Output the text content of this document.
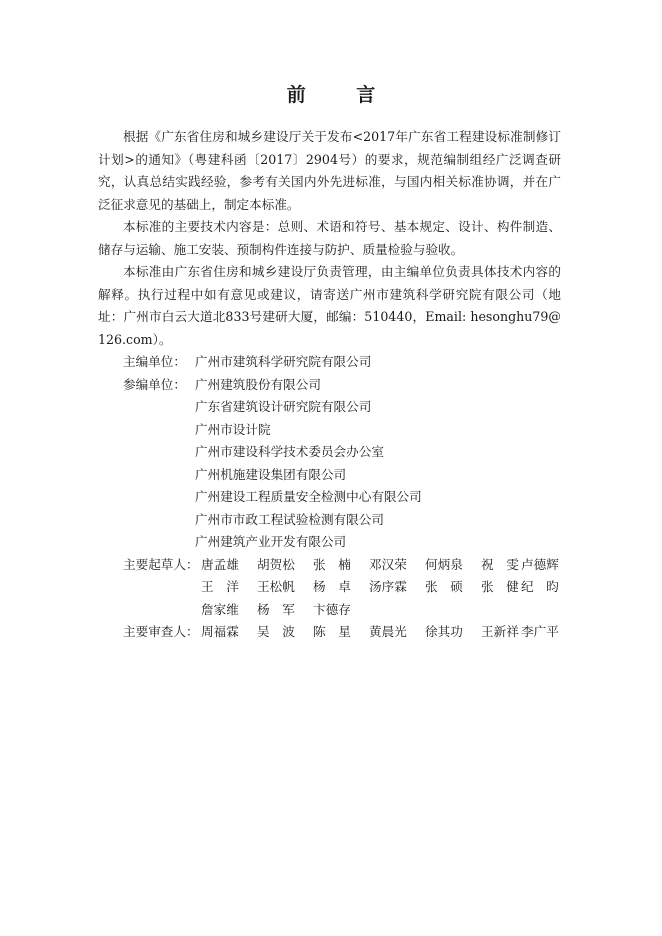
前 言

根据《广东省住房和城乡建设厅关于发布<2017年广东省工程建设标准制修订计划>的通知》（粤建科函〔2017〕2904号）的要求，规范编制组经广泛调查研究，认真总结实践经验，参考有关国内外先进标准，与国内相关标准协调，并在广泛征求意见的基础上，制定本标准。

本标准的主要技术内容是：总则、术语和符号、基本规定、设计、构件制造、储存与运输、施工安装、预制构件连接与防护、质量检验与验收。

本标准由广东省住房和城乡建设厅负责管理，由主编单位负责具体技术内容的解释。执行过程中如有意见或建议，请寄送广州市建筑科学研究院有限公司（地址：广州市白云大道北833号建研大厦，邮编：510440，Email: hesonghu79@126.com）。

主编单位： 广州市建筑科学研究院有限公司
参编单位： 广州建筑股份有限公司
广东省建筑设计研究院有限公司
广州市设计院
广州市建设科学技术委员会办公室
广州机施建设集团有限公司
广州建设工程质量安全检测中心有限公司
广州市市政工程试验检测有限公司
广州建筑产业开发有限公司
主要起草人： 唐孟雄 胡贺松 张　楠 邓汉荣 何炳泉 祝　雯 卢德辉
王　洋 王松帆 杨　卓 汤序霖 张　硕 张　健 纪　昀
詹家维 杨　军 卞德存
主要审查人： 周福霖 吴　波 陈　星 黄晨光 徐其功 王新祥 李广平
